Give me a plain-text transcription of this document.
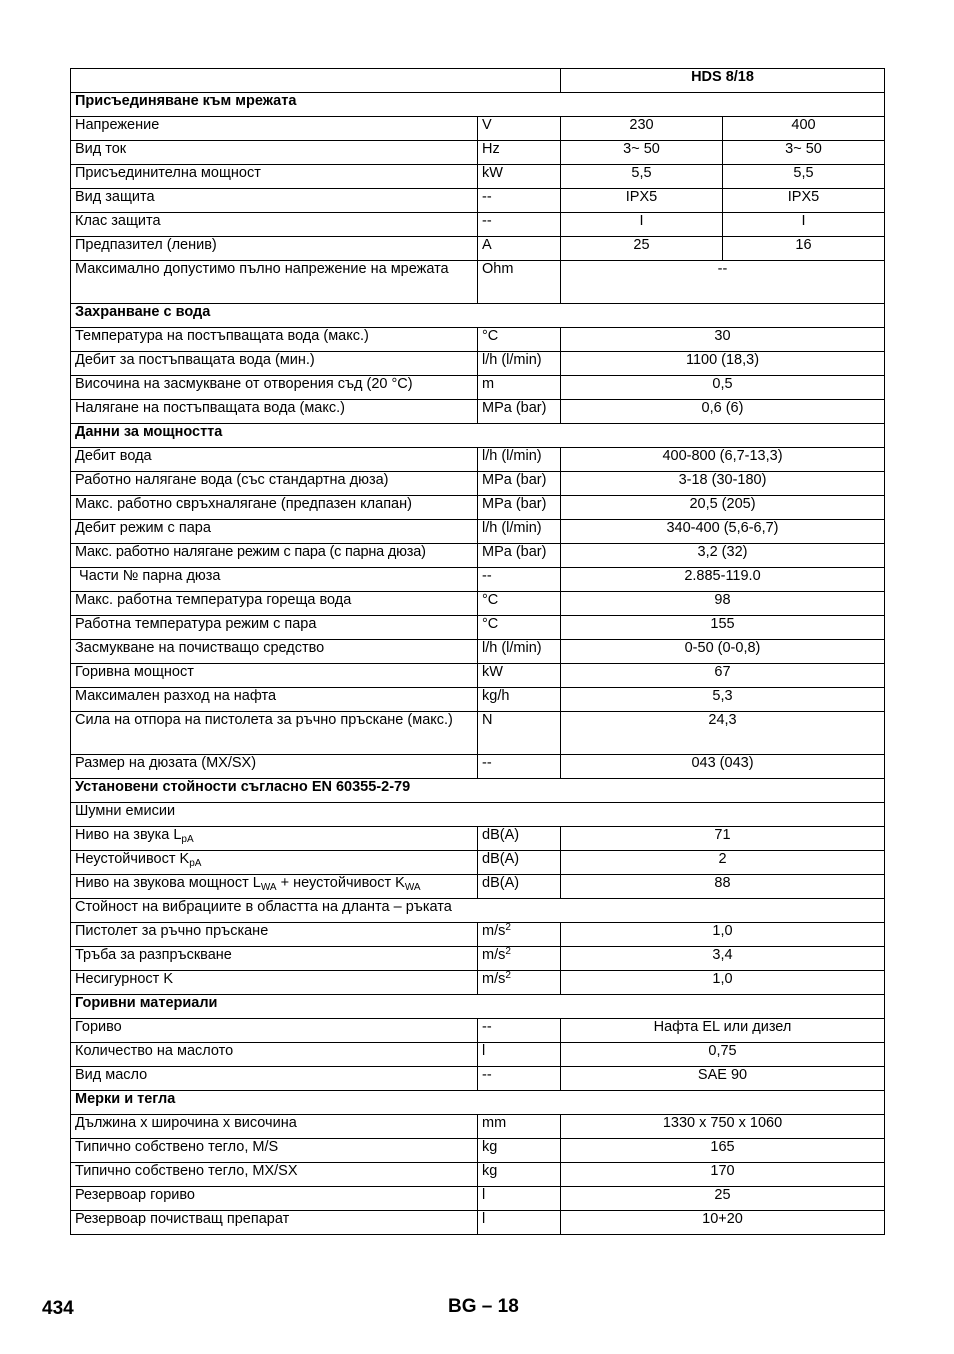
		HDS 8/18	
Присъединяване към мрежата			
Напрежение	V	230	400
Вид ток	Hz	3~ 50	3~ 50
Присъединителна мощност	kW	5,5	5,5
Вид защита	--	IPX5	IPX5
Клас защита	--	I	I
Предпазител (ленив)	A	25	16
Максимално допустимо пълно напрежение на мрежата	Ohm	--	
Захранване с вода			
Температура на постъпващата вода (макс.)	°C	30	
Дебит за постъпващата вода (мин.)	l/h (l/min)	1100 (18,3)	
Височина на засмукване от отворения съд (20 °C)	m	0,5	
Налягане на постъпващата вода (макс.)	MPa (bar)	0,6 (6)	
Данни за мощността			
Дебит вода	l/h (l/min)	400-800 (6,7-13,3)	
Работно налягане вода (със стандартна дюза)	MPa (bar)	3-18 (30-180)	
Макс. работно свръхналягане (предпазен клапан)	MPa (bar)	20,5 (205)	
Дебит режим с пара	l/h (l/min)	340-400 (5,6-6,7)	
Макс. работно налягане режим с пара (с парна дюза)	MPa (bar)	3,2 (32)	
Части № парна дюза	--	2.885-119.0	
Макс. работна температура гореща вода	°C	98	
Работна температура режим с пара	°C	155	
Засмукване на почистващо средство	l/h (l/min)	0-50 (0-0,8)	
Горивна мощност	kW	67	
Максимален разход на нафта	kg/h	5,3	
Сила на отпора на пистолета за ръчно пръскане (макс.)	N	24,3	
Размер на дюзата (MX/SX)	--	043 (043)	
Установени стойности съгласно EN 60355-2-79			
Шумни емисии			
Ниво на звука $L_{pA}$	dB(A)	71	
Неустойчивост $K_{pA}$	dB(A)	2	
Ниво на звукова мощност $L_{WA}$ + неустойчивост $K_{WA}$	dB(A)	88	
Стойност на вибрациите в областта на дланта – ръката			
Пистолет за ръчно пръскане	$m/s^2$	1,0	
Тръба за разпръскване	$m/s^2$	3,4	
Несигурност K	$m/s^2$	1,0	
Горивни материали			
Гориво	--	Нафта EL или дизел	
Количество на маслото	l	0,75	
Вид масло	--	SAE 90	
Мерки и тегла			
Дължина x широчина x височина	mm	1330 x 750 x 1060	
Типично собствено тегло, M/S	kg	165	
Типично собствено тегло, MX/SX	kg	170	
Резервоар гориво	l	25	
Резервоар почистващ препарат	l	10+20	
434	BG – 18
